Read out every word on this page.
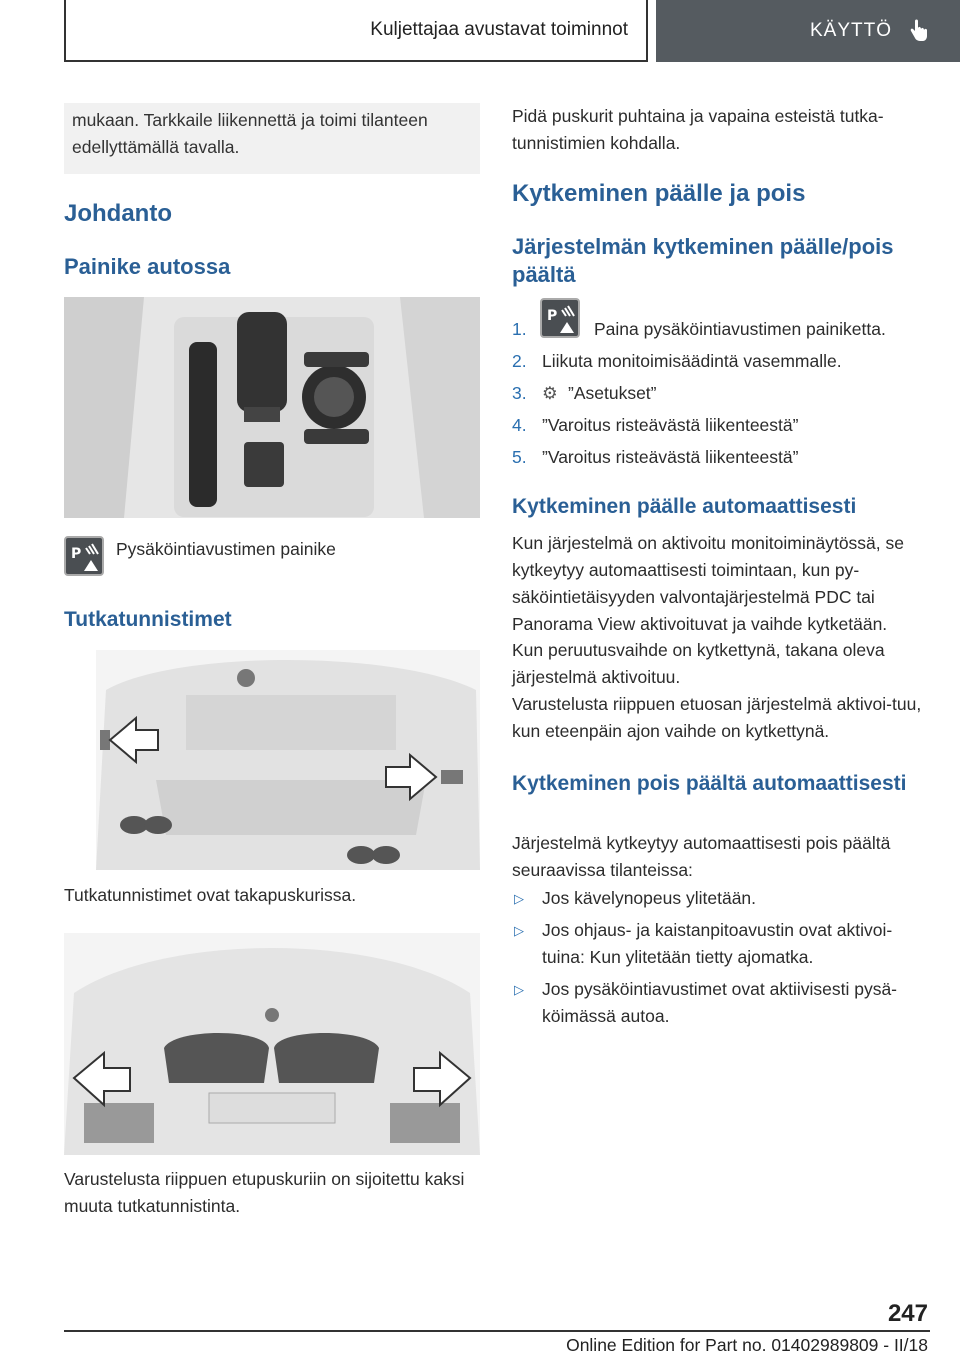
Kuljettajaa avustavat toiminnot	KÄYTTÖ
mukaan. Tarkkaile liikennettä ja toimi tilanteen edellyttämällä tavalla.
Johdanto
Painike autossa
P Pysäköintiavustimen painike

Tutkatunnistimet

Tutkatunnistimet ovat takapuskurissa.

Varustelusta riippuen etupuskuriin on sijoitettu kaksi muuta tutkatunnistinta.

Pidä puskurit puhtaina ja vapaina esteistä tutka-tunnistimien kohdalla.

Kytkeminen päälle ja pois
Järjestelmän kytkeminen päälle/pois päältä
P
1.	Paina pysäköintiavustimen painiketta.
2. Liikuta monitoimisäädintä vasemmalle.
3. ⚙ ”Asetukset”
4. ”Varoitus risteävästä liikenteestä”
5. ”Varoitus risteävästä liikenteestä”
Kytkeminen päälle automaattisesti

Kun järjestelmä on aktivoitu monitoiminäytössä, se kytkeytyy automaattisesti toimintaan, kun py-säköintietäisyyden valvontajärjestelmä PDC tai Panorama View aktivoituvat ja vaihde kytketään.

Kun peruutusvaihde on kytkettynä, takana oleva järjestelmä aktivoituu.

Varustelusta riippuen etuosan järjestelmä aktivoi-tuu, kun eteenpäin ajon vaihde on kytkettynä.

Kytkeminen pois päältä automaattisesti

Järjestelmä kytkeytyy automaattisesti pois päältä seuraavissa tilanteissa:

▷ Jos kävelynopeus ylitetään.
▷ Jos ohjaus- ja kaistanpitoavustin ovat aktivoi-tuina: Kun ylitetään tietty ajomatka.
▷ Jos pysäköintiavustimet ovat aktiivisesti pysä-köimässä autoa.
247
Online Edition for Part no. 01402989809 - II/18
